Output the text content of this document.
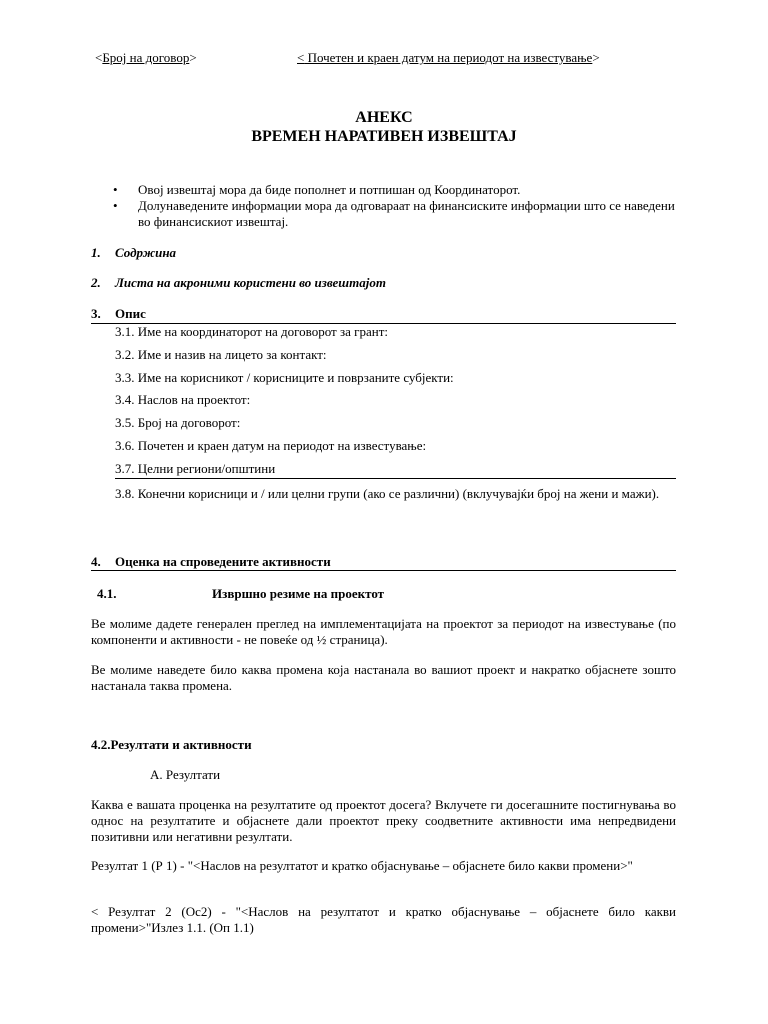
<Број на договор>	< Почетен и краен датум на периодот на известување>
АНЕКС
ВРЕМЕН НАРАТИВЕН ИЗВЕШТАЈ
• Овој извештај мора да биде пополнет и потпишан од Координаторот.
• Долунаведените информации мора да одговараат на финансиските информации што се наведени во финансискиот извештај.
1. Содржина
2. Листа на акроними користени во извештајот
3. Опис
3.1. Име на координаторот на договорот за грант:
3.2. Име и назив на лицето за контакт:
3.3. Име на корисникот / корисниците и поврзаните субјекти:
3.4. Наслов на проектот:
3.5. Број на договорот:
3.6. Почетен и краен датум на периодот на известување:
3.7. Целни региони/општини
3.8. Конечни корисници и / или целни групи (ако се различни) (вклучувајќи број на жени и мажи).
4. Оценка на спроведените активности
4.1.	Извршно резиме на проектот
Ве молиме дадете генерален преглед на имплементацијата на проектот за периодот на известување (по компоненти и активности - не повеќе од ½ страница).
Ве молиме наведете било каква промена која настанала во вашиот проект и накратко објаснете зошто настанала таква промена.
4.2.Резултати и активности
A. Резултати
Каква е вашата проценка на резултатите од проектот досега? Вклучете ги досегашните постигнувања во однос на резултатите и објаснете дали проектот преку соодветните активности има непредвидени позитивни или негативни резултати.
Резултат 1 (Р 1) - "<Наслов на резултатот и кратко објаснување – објаснете било какви промени>"
< Резултат 2 (Ос2) - "<Наслов на резултатот и кратко објаснување – објаснете било какви промени>"Излез 1.1. (Оп 1.1)
